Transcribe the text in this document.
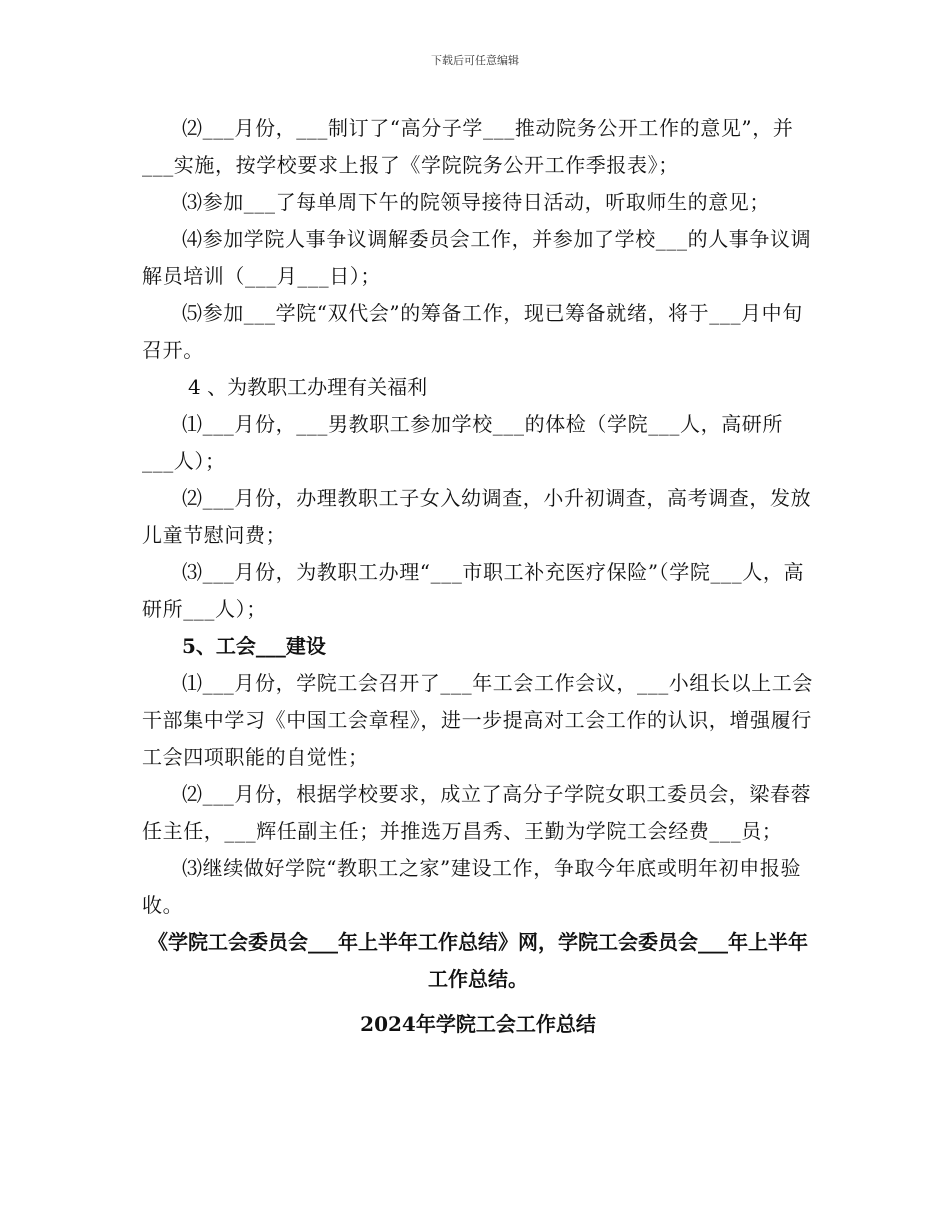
下载后可任意编辑

⑵___月份，___制订了“高分子学___推动院务公开工作的意见”，并___实施，按学校要求上报了《学院院务公开工作季报表》；

⑶参加___了每单周下午的院领导接待日活动，听取师生的意见；

⑷参加学院人事争议调解委员会工作，并参加了学校___的人事争议调解员培训（___月___日）；

⑸参加___学院“双代会”的筹备工作，现已筹备就绪，将于___月中旬召开。

4 、为教职工办理有关福利

⑴___月份，___男教职工参加学校___的体检（学院___人，高研所___人）；

⑵___月份，办理教职工子女入幼调查，小升初调查，高考调查，发放儿童节慰问费；

⑶___月份，为教职工办理“___市职工补充医疗保险”（学院___人，高研所___人）；

5、工会___建设

⑴___月份，学院工会召开了___年工会工作会议，___小组长以上工会干部集中学习《中国工会章程》，进一步提高对工会工作的认识，增强履行工会四项职能的自觉性；

⑵___月份，根据学校要求，成立了高分子学院女职工委员会，梁春蓉任主任，___辉任副主任；并推选万昌秀、王勤为学院工会经费___员；

⑶继续做好学院“教职工之家”建设工作，争取今年底或明年初申报验收。

《学院工会委员会___年上半年工作总结》网，学院工会委员会___年上半年工作总结。

2024年学院工会工作总结
